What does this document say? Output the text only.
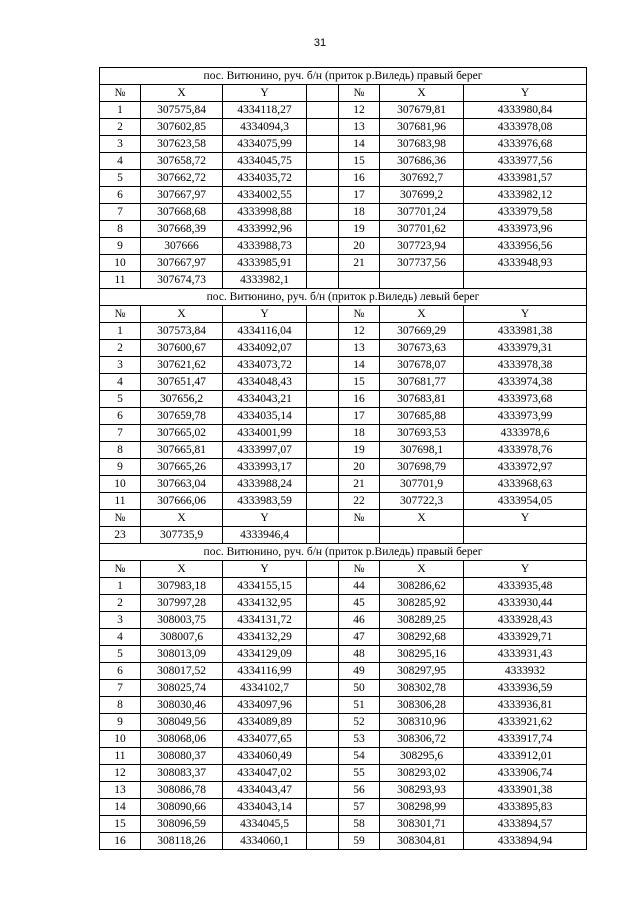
31
пос. Витюнино, руч. б/н (приток р.Виледь) правый берег						
№	X	Y		№	X	Y
1	307575,84	4334118,27		12	307679,81	4333980,84
2	307602,85	4334094,3		13	307681,96	4333978,08
3	307623,58	4334075,99		14	307683,98	4333976,68
4	307658,72	4334045,75		15	307686,36	4333977,56
5	307662,72	4334035,72		16	307692,7	4333981,57
6	307667,97	4334002,55		17	307699,2	4333982,12
7	307668,68	4333998,88		18	307701,24	4333979,58
8	307668,39	4333992,96		19	307701,62	4333973,96
9	307666	4333988,73		20	307723,94	4333956,56
10	307667,97	4333985,91		21	307737,56	4333948,93
11	307674,73	4333982,1				
пос. Витюнино, руч. б/н (приток р.Виледь) левый берег						
№	X	Y		№	X	Y
1	307573,84	4334116,04		12	307669,29	4333981,38
2	307600,67	4334092,07		13	307673,63	4333979,31
3	307621,62	4334073,72		14	307678,07	4333978,38
4	307651,47	4334048,43		15	307681,77	4333974,38
5	307656,2	4334043,21		16	307683,81	4333973,68
6	307659,78	4334035,14		17	307685,88	4333973,99
7	307665,02	4334001,99		18	307693,53	4333978,6
8	307665,81	4333997,07		19	307698,1	4333978,76
9	307665,26	4333993,17		20	307698,79	4333972,97
10	307663,04	4333988,24		21	307701,9	4333968,63
11	307666,06	4333983,59		22	307722,3	4333954,05
№	X	Y		№	X	Y
23	307735,9	4333946,4				
пос. Витюнино, руч. б/н (приток р.Виледь) правый берег						
№	X	Y		№	X	Y
1	307983,18	4334155,15		44	308286,62	4333935,48
2	307997,28	4334132,95		45	308285,92	4333930,44
3	308003,75	4334131,72		46	308289,25	4333928,43
4	308007,6	4334132,29		47	308292,68	4333929,71
5	308013,09	4334129,09		48	308295,16	4333931,43
6	308017,52	4334116,99		49	308297,95	4333932
7	308025,74	4334102,7		50	308302,78	4333936,59
8	308030,46	4334097,96		51	308306,28	4333936,81
9	308049,56	4334089,89		52	308310,96	4333921,62
10	308068,06	4334077,65		53	308306,72	4333917,74
11	308080,37	4334060,49		54	308295,6	4333912,01
12	308083,37	4334047,02		55	308293,02	4333906,74
13	308086,78	4334043,47		56	308293,93	4333901,38
14	308090,66	4334043,14		57	308298,99	4333895,83
15	308096,59	4334045,5		58	308301,71	4333894,57
16	308118,26	4334060,1		59	308304,81	4333894,94
